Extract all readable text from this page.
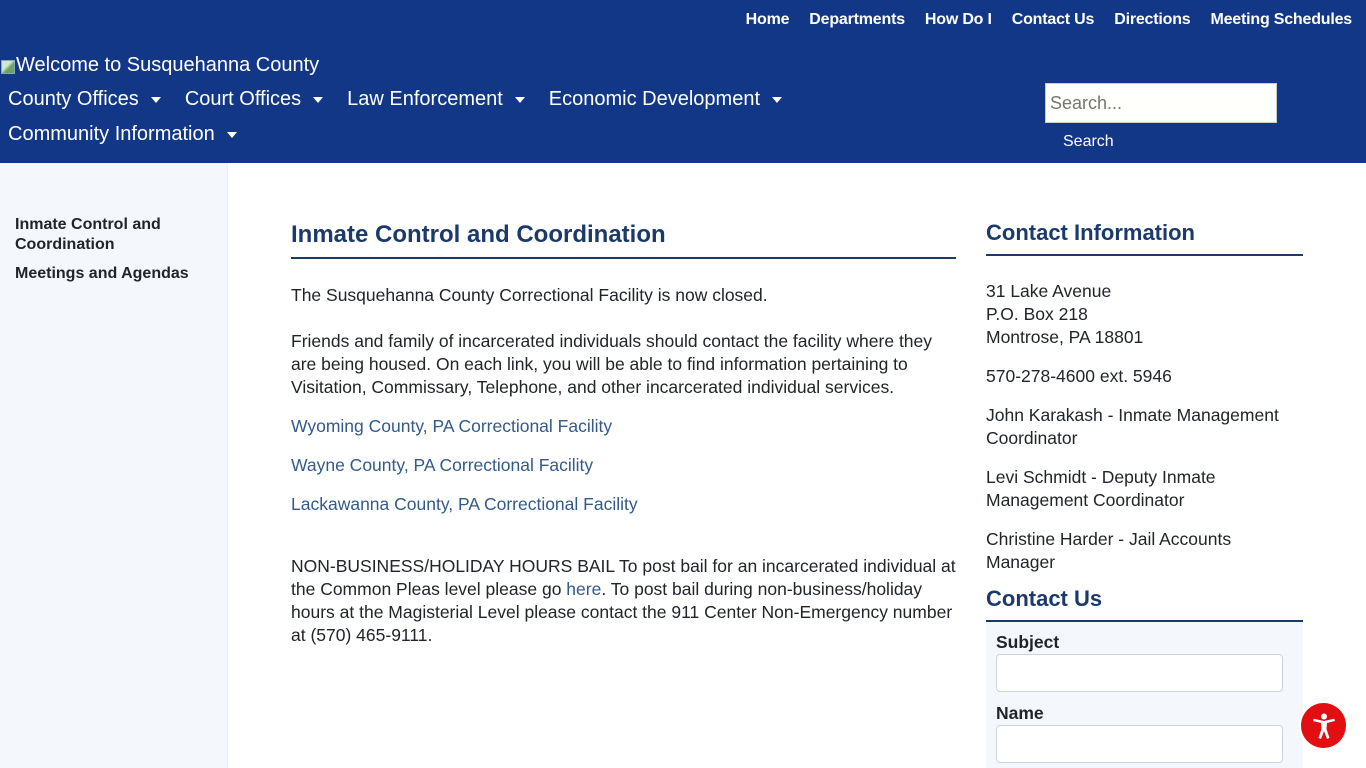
Home Departments How Do I Contact Us Directions Meeting Schedules
Welcome to Susquehanna County
County Offices Court Offices Law Enforcement Economic Development
Community Information
Search...	Search
Inmate Control and Coordination
Meetings and Agendas
Inmate Control and Coordination

The Susquehanna County Correctional Facility is now closed.

Friends and family of incarcerated individuals should contact the facility where they are being housed. On each link, you will be able to find information pertaining to Visitation, Commissary, Telephone, and other incarcerated individual services.

Wyoming County, PA Correctional Facility
Wayne County, PA Correctional Facility
Lackawanna County, PA Correctional Facility

NON-BUSINESS/HOLIDAY HOURS BAIL To post bail for an incarcerated individual at the Common Pleas level please go here. To post bail during non-business/holiday hours at the Magisterial Level please contact the 911 Center Non-Emergency number at (570) 465-9111.

Contact Information

31 Lake Avenue
P.O. Box 218
Montrose, PA 18801

570-278-4600 ext. 5946

John Karakash - Inmate Management Coordinator

Levi Schmidt - Deputy Inmate Management Coordinator

Christine Harder - Jail Accounts Manager

Contact Us
Subject
Name
